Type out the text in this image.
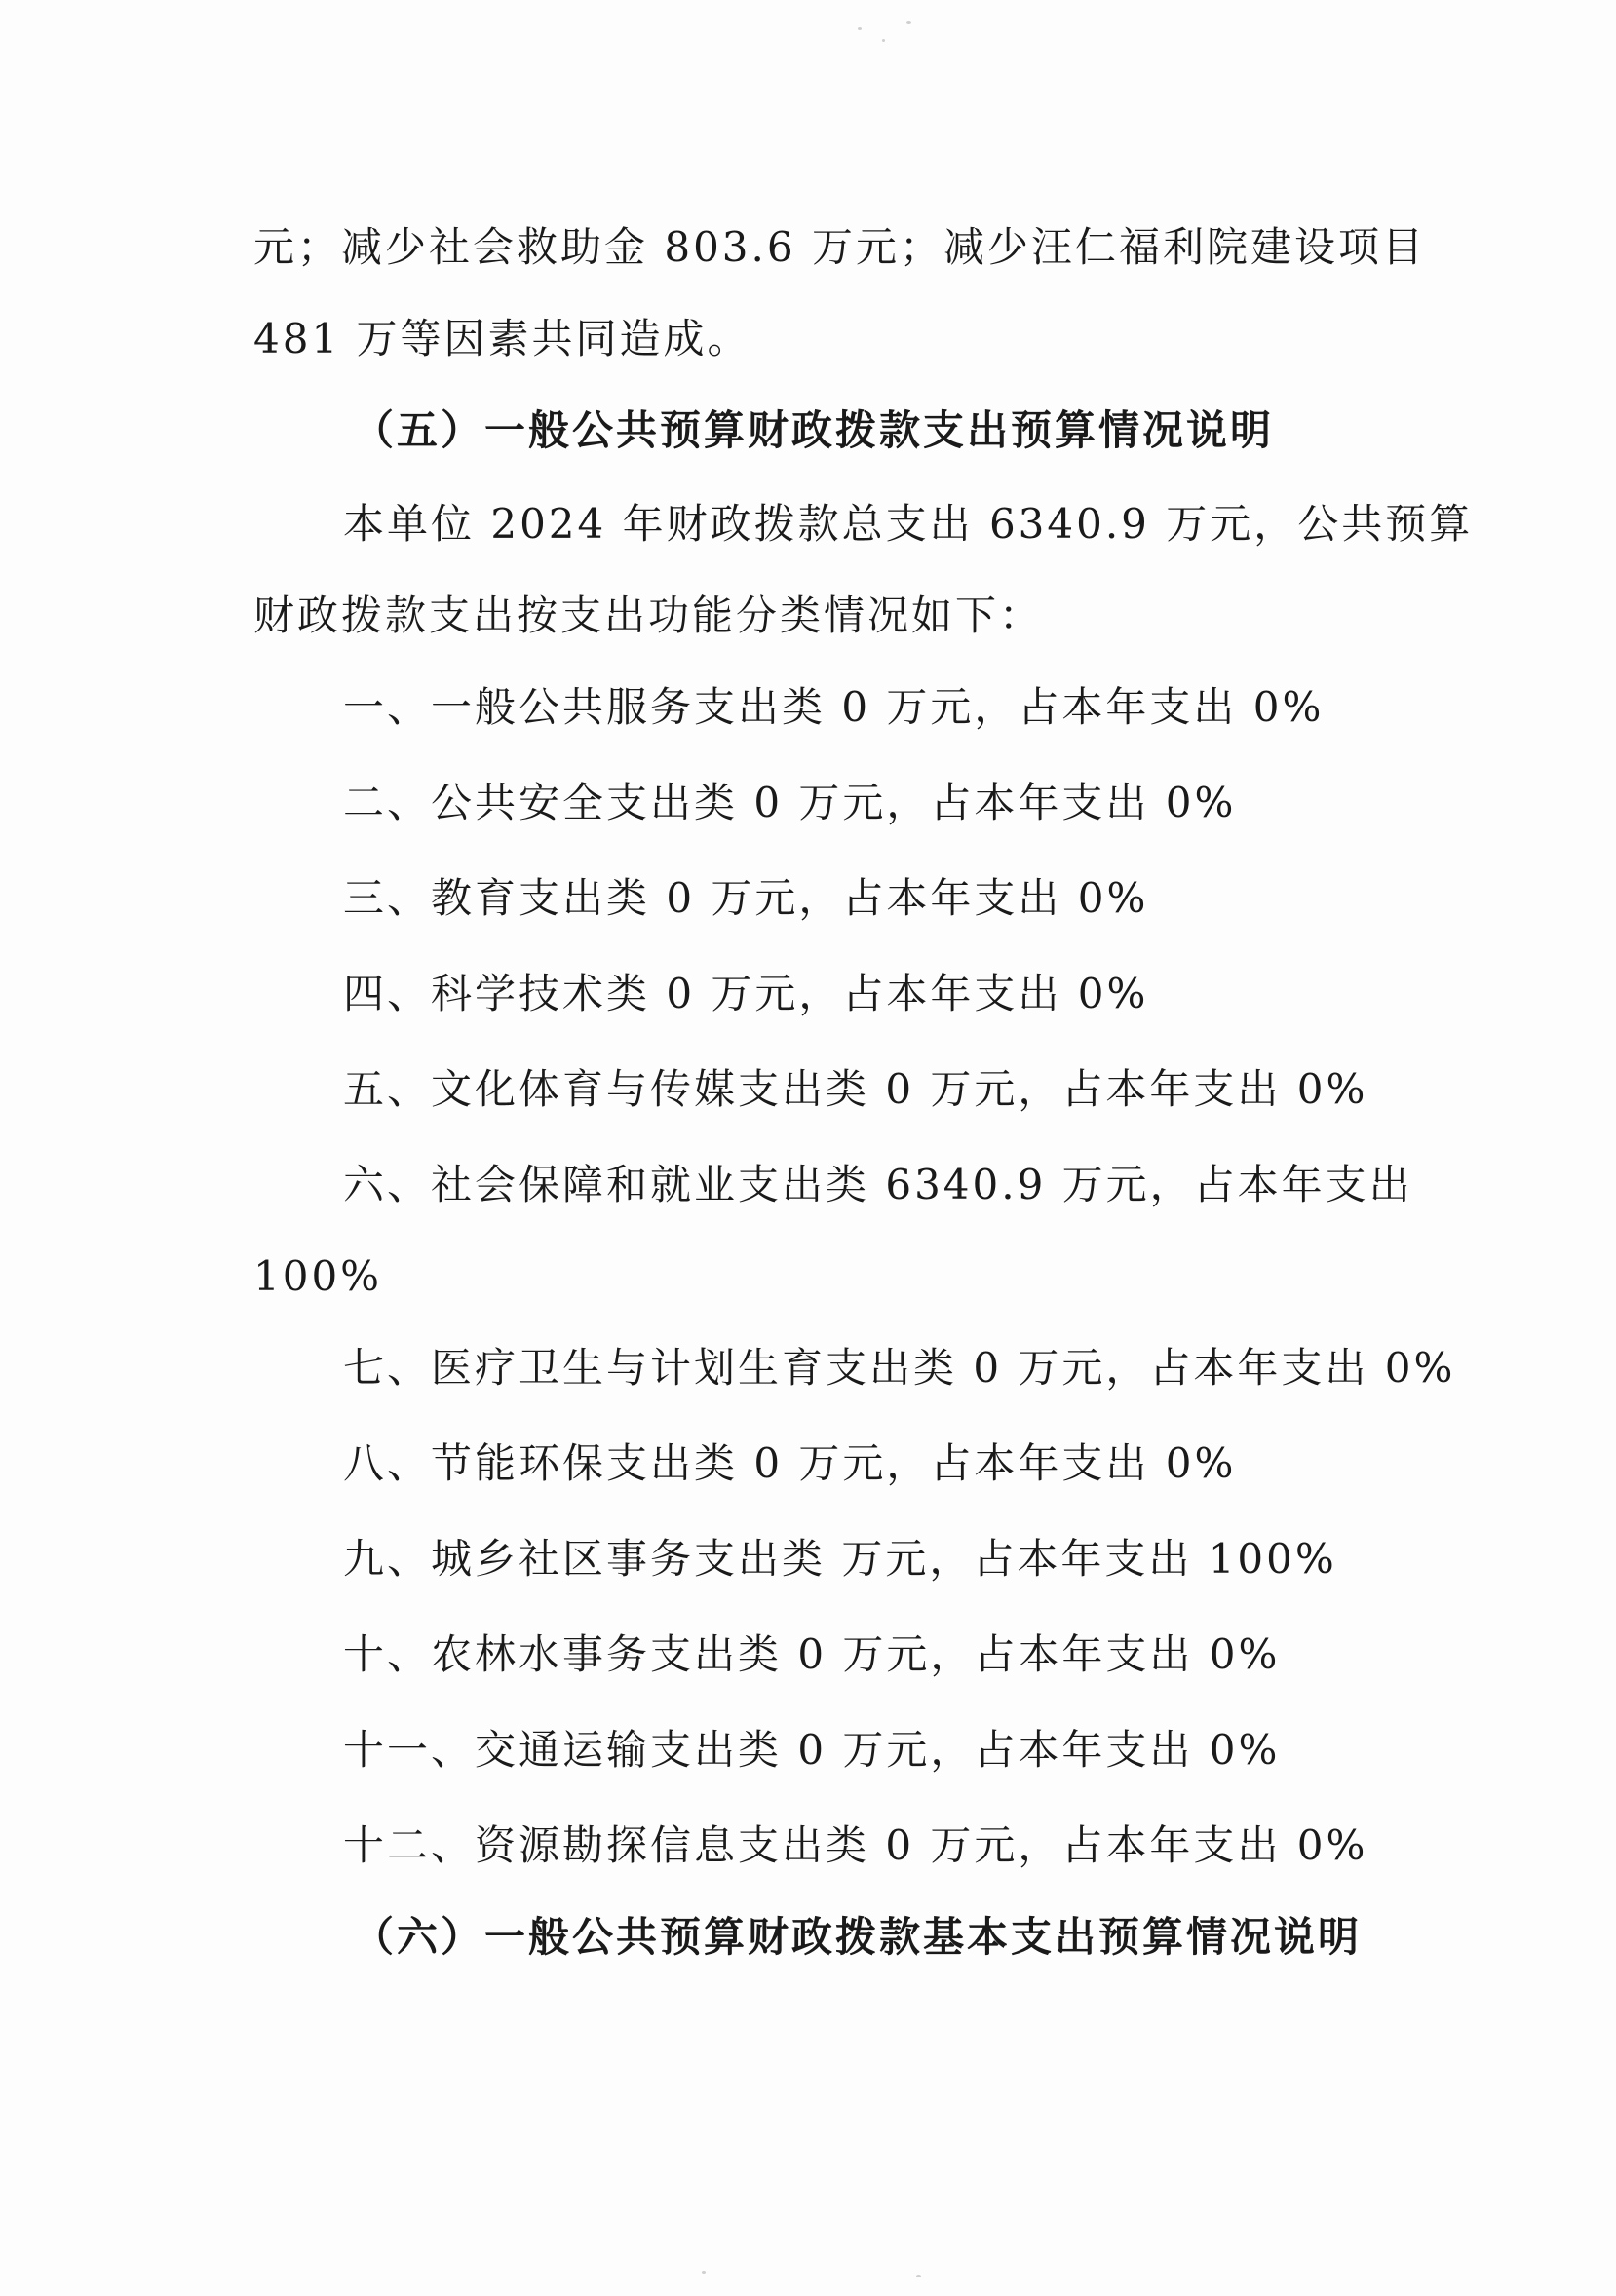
元；减少社会救助金 803.6 万元；减少汪仁福利院建设项目
481 万等因素共同造成。
（五）一般公共预算财政拨款支出预算情况说明
本单位 2024 年财政拨款总支出 6340.9 万元，公共预算
财政拨款支出按支出功能分类情况如下：
一、一般公共服务支出类 0 万元，占本年支出 0%
二、公共安全支出类 0 万元，占本年支出 0%
三、教育支出类 0 万元，占本年支出 0%
四、科学技术类 0 万元，占本年支出 0%
五、文化体育与传媒支出类 0 万元，占本年支出 0%
六、社会保障和就业支出类 6340.9 万元，占本年支出
100%
七、医疗卫生与计划生育支出类 0 万元，占本年支出 0%
八、节能环保支出类 0 万元，占本年支出 0%
九、城乡社区事务支出类 万元，占本年支出 100%
十、农林水事务支出类 0 万元，占本年支出 0%
十一、交通运输支出类 0 万元，占本年支出 0%
十二、资源勘探信息支出类 0 万元，占本年支出 0%
（六）一般公共预算财政拨款基本支出预算情况说明
